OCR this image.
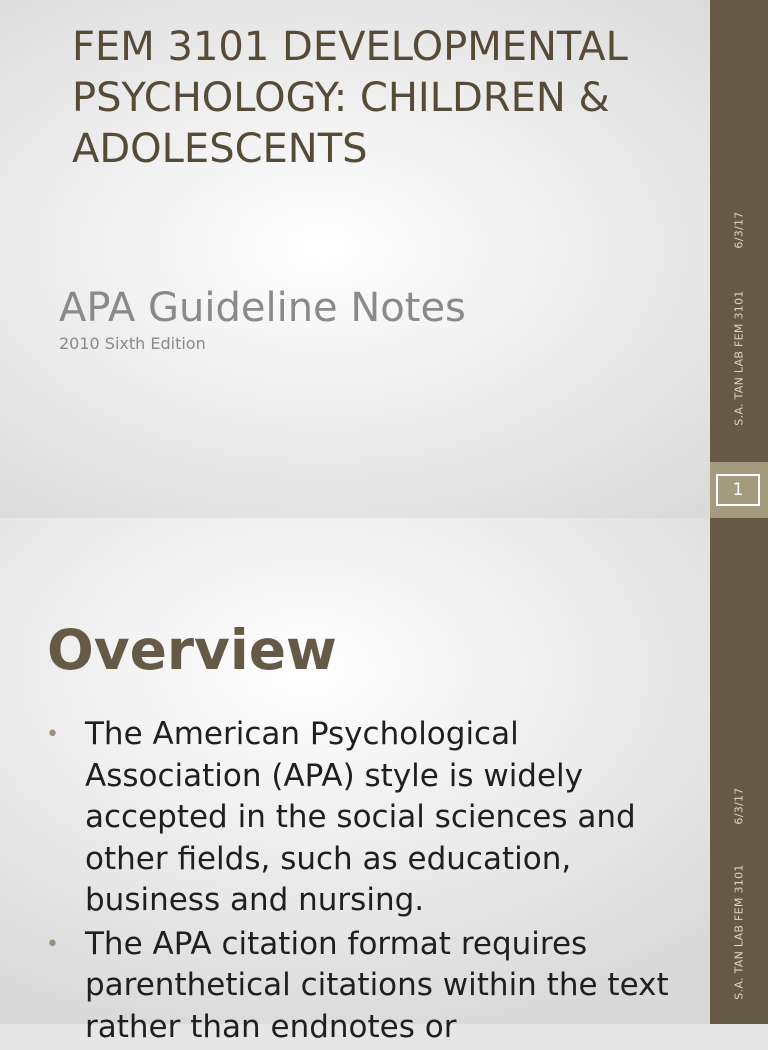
FEM 3101 DEVELOPMENTAL PSYCHOLOGY: CHILDREN & ADOLESCENTS
APA Guideline Notes

2010 Sixth Edition

6/3/17
S.A. TAN LAB FEM 3101
1
Overview
• The American Psychological Association (APA) style is widely accepted in the social sciences and other fields, such as education, business and nursing.
• The APA citation format requires parenthetical citations within the text rather than endnotes or
6/3/17
S.A. TAN LAB FEM 3101
